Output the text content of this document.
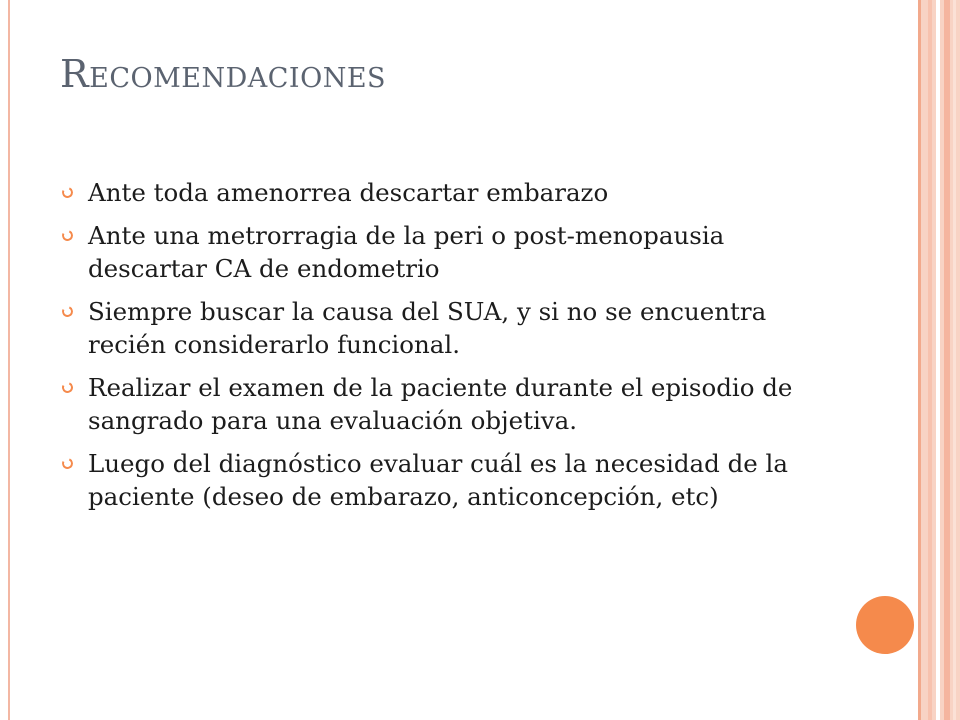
Recomendaciones
Ante toda amenorrea descartar embarazo
Ante una metrorragia de la peri o post-menopausia descartar CA de endometrio
Siempre buscar la causa del SUA, y si no se encuentra recién considerarlo funcional.
Realizar el examen de la paciente durante el episodio de sangrado para una evaluación objetiva.
Luego del diagnóstico evaluar cuál es la necesidad de la paciente (deseo de embarazo, anticoncepción, etc)
